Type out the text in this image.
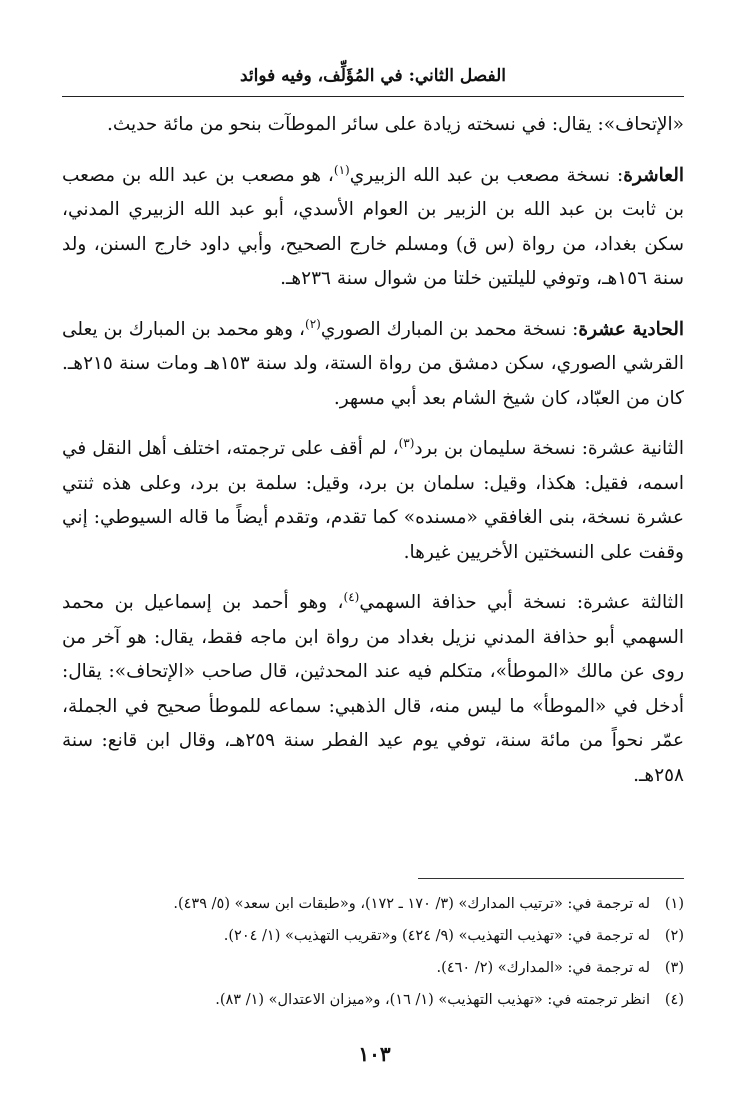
الفصل الثاني: في المُؤَلِّف، وفيه فوائد

«الإتحاف»: يقال: في نسخته زيادة على سائر الموطآت بنحو من مائة حديث.

العاشرة: نسخة مصعب بن عبد الله الزبيري$^{(١)}$، هو مصعب بن عبد الله بن مصعب بن ثابت بن عبد الله بن الزبير بن العوام الأسدي، أبو عبد الله الزبيري المدني، سكن بغداد، من رواة (س ق) ومسلم خارج الصحيح، وأبي داود خارج السنن، ولد سنة ١٥٦هـ، وتوفي لليلتين خلتا من شوال سنة ٢٣٦هـ.

الحادية عشرة: نسخة محمد بن المبارك الصوري$^{(٢)}$، وهو محمد بن المبارك بن يعلى القرشي الصوري، سكن دمشق من رواة الستة، ولد سنة ١٥٣هـ ومات سنة ٢١٥هـ. كان من العبّاد، كان شيخ الشام بعد أبي مسهر.

الثانية عشرة: نسخة سليمان بن برد$^{(٣)}$، لم أقف على ترجمته، اختلف أهل النقل في اسمه، فقيل: هكذا، وقيل: سلمان بن برد، وقيل: سلمة بن برد، وعلى هذه ثنتي عشرة نسخة، بنى الغافقي «مسنده» كما تقدم، وتقدم أيضاً ما قاله السيوطي: إني وقفت على النسختين الأخريين غيرها.

الثالثة عشرة: نسخة أبي حذافة السهمي$^{(٤)}$، وهو أحمد بن إسماعيل بن محمد السهمي أبو حذافة المدني نزيل بغداد من رواة ابن ماجه فقط، يقال: هو آخر من روى عن مالك «الموطأ»، متكلم فيه عند المحدثين، قال صاحب «الإتحاف»: يقال: أدخل في «الموطأ» ما ليس منه، قال الذهبي: سماعه للموطأ صحيح في الجملة، عمّر نحواً من مائة سنة، توفي يوم عيد الفطر سنة ٢٥٩هـ، وقال ابن قانع: سنة ٢٥٨هـ.

(١)له ترجمة في: «ترتيب المدارك» (٣/ ١٧٠ ـ ١٧٢)، و«طبقات ابن سعد» (٥/ ٤٣٩).

(٢)له ترجمة في: «تهذيب التهذيب» (٩/ ٤٢٤) و«تقريب التهذيب» (١/ ٢٠٤).

(٣)له ترجمة في: «المدارك» (٢/ ٤٦٠).

(٤)انظر ترجمته في: «تهذيب التهذيب» (١/ ١٦)، و«ميزان الاعتدال» (١/ ٨٣).

١٠٣
